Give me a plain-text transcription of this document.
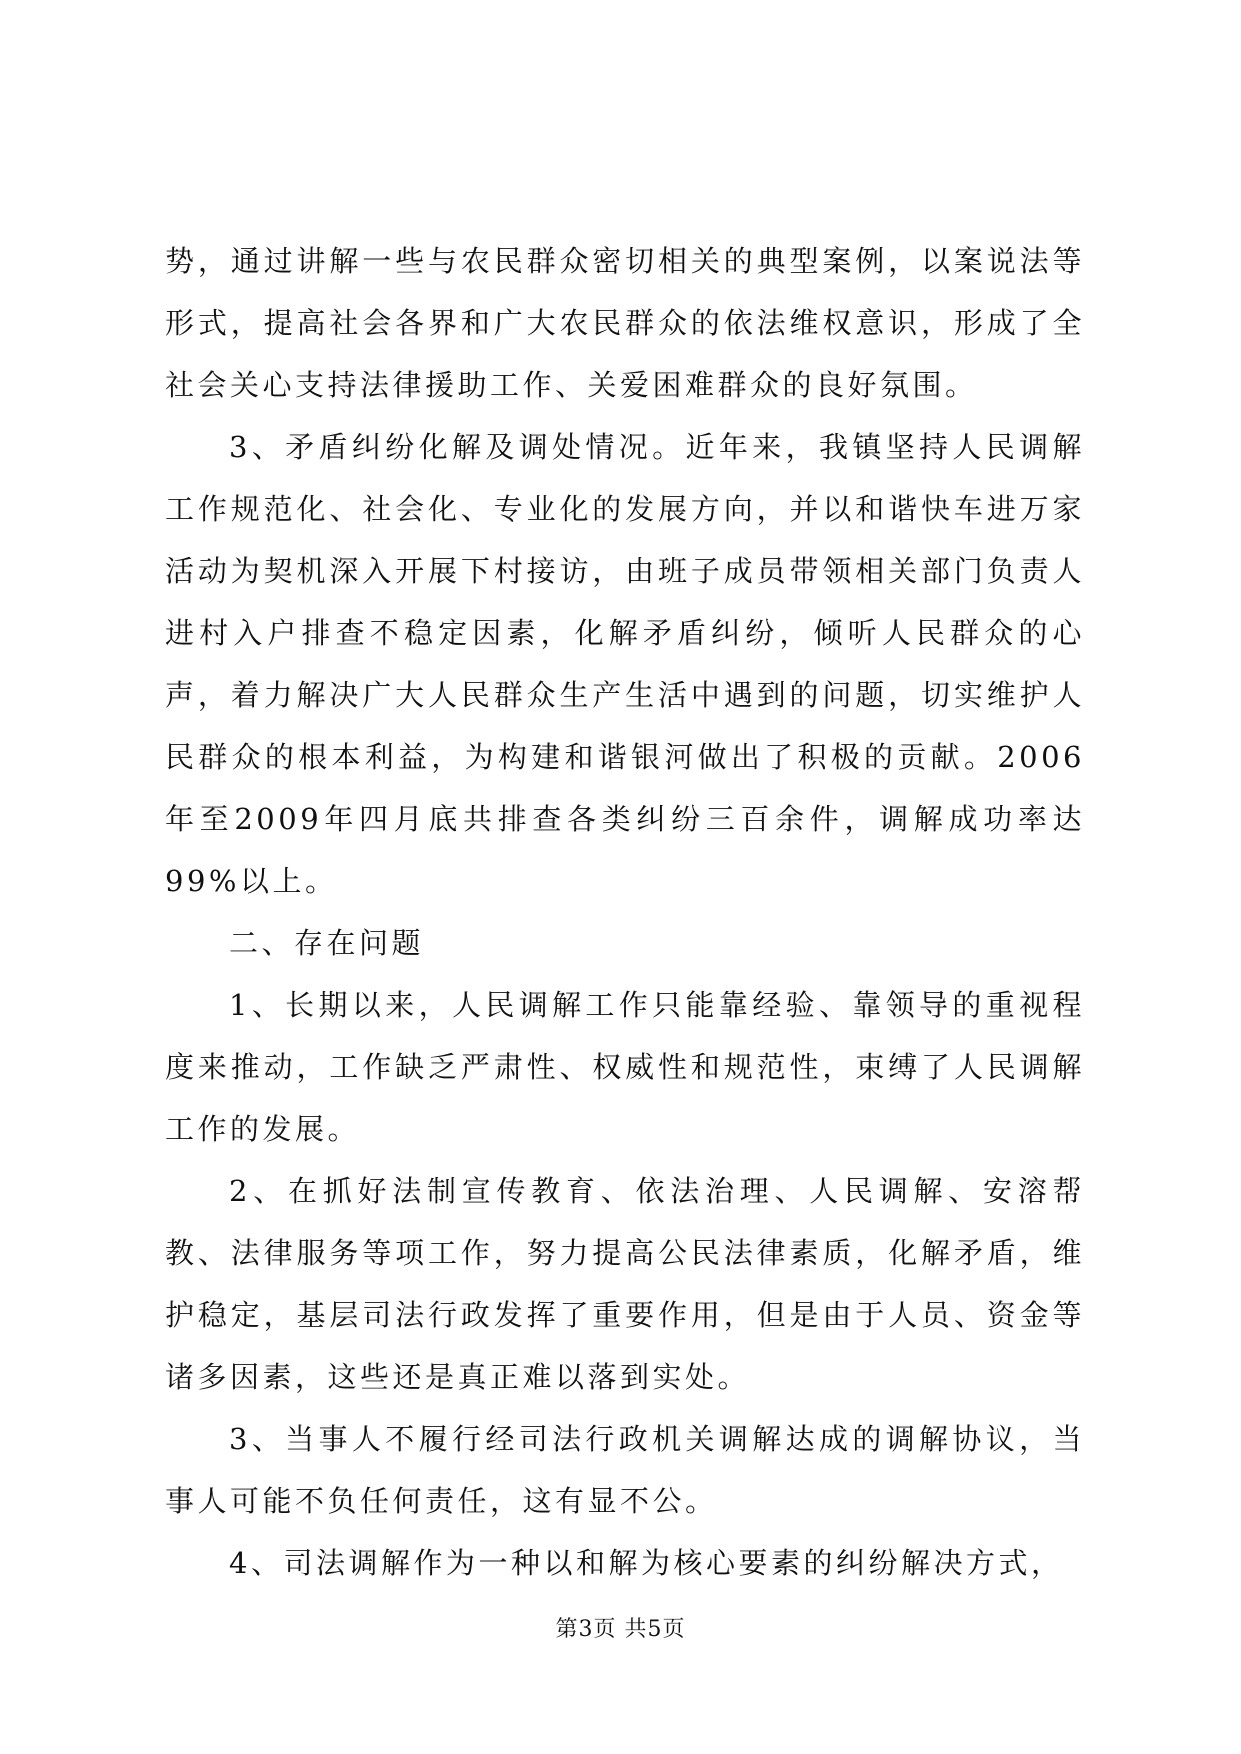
势，通过讲解一些与农民群众密切相关的典型案例，以案说法等形式，提高社会各界和广大农民群众的依法维权意识，形成了全社会关心支持法律援助工作、关爱困难群众的良好氛围。

3、矛盾纠纷化解及调处情况。近年来，我镇坚持人民调解工作规范化、社会化、专业化的发展方向，并以和谐快车进万家活动为契机深入开展下村接访，由班子成员带领相关部门负责人进村入户排查不稳定因素，化解矛盾纠纷，倾听人民群众的心声，着力解决广大人民群众生产生活中遇到的问题，切实维护人民群众的根本利益，为构建和谐银河做出了积极的贡献。2006年至2009年四月底共排查各类纠纷三百余件，调解成功率达99%以上。

二、存在问题

1、长期以来，人民调解工作只能靠经验、靠领导的重视程度来推动，工作缺乏严肃性、权威性和规范性，束缚了人民调解工作的发展。

2、在抓好法制宣传教育、依法治理、人民调解、安溶帮教、法律服务等项工作，努力提高公民法律素质，化解矛盾，维护稳定，基层司法行政发挥了重要作用，但是由于人员、资金等诸多因素，这些还是真正难以落到实处。

3、当事人不履行经司法行政机关调解达成的调解协议，当事人可能不负任何责任，这有显不公。

4、司法调解作为一种以和解为核心要素的纠纷解决方式，

第3页 共5页
